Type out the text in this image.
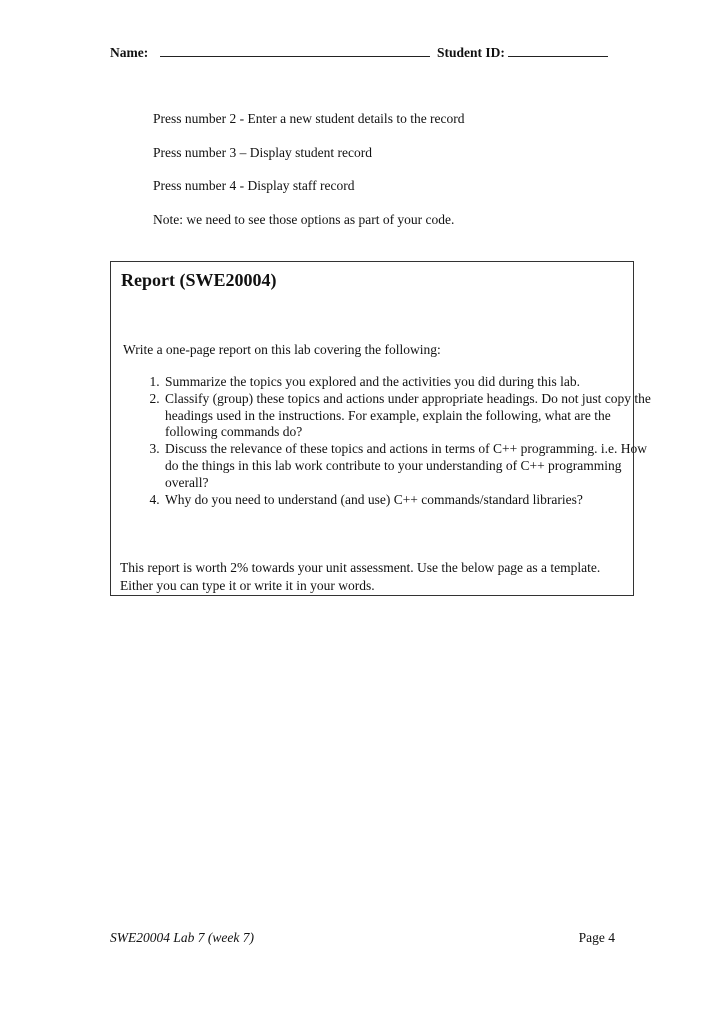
Name:	Student ID:

Press number 2 - Enter a new student details to the record

Press number 3 – Display student record

Press number 4 - Display staff record

Note: we need to see those options as part of your code.

Report (SWE20004)

Write a one-page report on this lab covering the following:

1. Summarize the topics you explored and the activities you did during this lab.
2. Classify (group) these topics and actions under appropriate headings. Do not just copy the headings used in the instructions. For example, explain the following, what are the following commands do?
3. Discuss the relevance of these topics and actions in terms of C++ programming. i.e. How do the things in this lab work contribute to your understanding of C++ programming overall?
4. Why do you need to understand (and use) C++ commands/standard libraries?

This report is worth 2% towards your unit assessment. Use the below page as a template. Either you can type it or write it in your words.

SWE20004 Lab 7 (week 7)	Page 4
